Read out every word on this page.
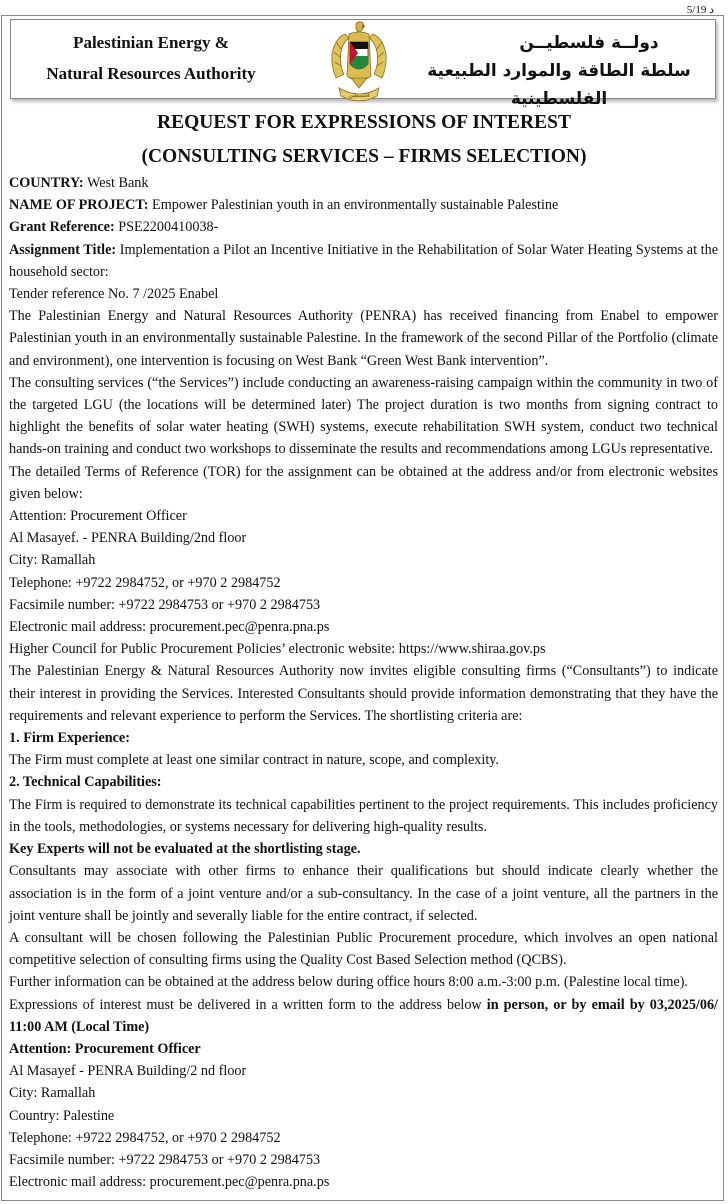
5/19 د
Palestinian Energy &
Natural Resources Authority
فلسطين
دولــة فلسطيــن
سلطة الطاقة والموارد الطبيعية الفلسطينية
REQUEST FOR EXPRESSIONS OF INTEREST
(CONSULTING SERVICES – FIRMS SELECTION)

COUNTRY: West Bank

NAME OF PROJECT: Empower Palestinian youth in an environmentally sustainable Palestine

Grant Reference: PSE2200410038-

Assignment Title: Implementation a Pilot an Incentive Initiative in the Rehabilitation of Solar Water Heating Systems at the household sector:

Tender reference No. 7 /2025 Enabel

The Palestinian Energy and Natural Resources Authority (PENRA) has received financing from Enabel to empower Palestinian youth in an environmentally sustainable Palestine. In the framework of the second Pillar of the Portfolio (climate and environment), one intervention is focusing on West Bank “Green West Bank intervention”.

The consulting services (“the Services”) include conducting an awareness-raising campaign within the community in two of the targeted LGU (the locations will be determined later) The project duration is two months from signing contract to highlight the benefits of solar water heating (SWH) systems, execute rehabilitation SWH system, conduct two technical hands-on training and conduct two workshops to disseminate the results and recommendations among LGUs representative.

The detailed Terms of Reference (TOR) for the assignment can be obtained at the address and/or from electronic websites given below:

Attention: Procurement Officer

Al Masayef. - PENRA Building/2nd floor

City: Ramallah

Telephone: +9722 2984752, or +970 2 2984752

Facsimile number: +9722 2984753 or +970 2 2984753

Electronic mail address: procurement.pec@penra.pna.ps

Higher Council for Public Procurement Policies’ electronic website: https://www.shiraa.gov.ps

The Palestinian Energy & Natural Resources Authority now invites eligible consulting firms (“Consultants”) to indicate their interest in providing the Services. Interested Consultants should provide information demonstrating that they have the requirements and relevant experience to perform the Services. The shortlisting criteria are:

1. Firm Experience:

The Firm must complete at least one similar contract in nature, scope, and complexity.

2. Technical Capabilities:

The Firm is required to demonstrate its technical capabilities pertinent to the project requirements. This includes proficiency in the tools, methodologies, or systems necessary for delivering high-quality results.

Key Experts will not be evaluated at the shortlisting stage.

Consultants may associate with other firms to enhance their qualifications but should indicate clearly whether the association is in the form of a joint venture and/or a sub-consultancy. In the case of a joint venture, all the partners in the joint venture shall be jointly and severally liable for the entire contract, if selected.

A consultant will be chosen following the Palestinian Public Procurement procedure, which involves an open national competitive selection of consulting firms using the Quality Cost Based Selection method (QCBS).

Further information can be obtained at the address below during office hours 8:00 a.m.-3:00 p.m. (Palestine local time).

Expressions of interest must be delivered in a written form to the address below in person, or by email by 03,2025/06/ 11:00 AM (Local Time)

Attention: Procurement Officer

Al Masayef - PENRA Building/2 nd floor

City: Ramallah

Country: Palestine

Telephone: +9722 2984752, or +970 2 2984752

Facsimile number: +9722 2984753 or +970 2 2984753

Electronic mail address: procurement.pec@penra.pna.ps
